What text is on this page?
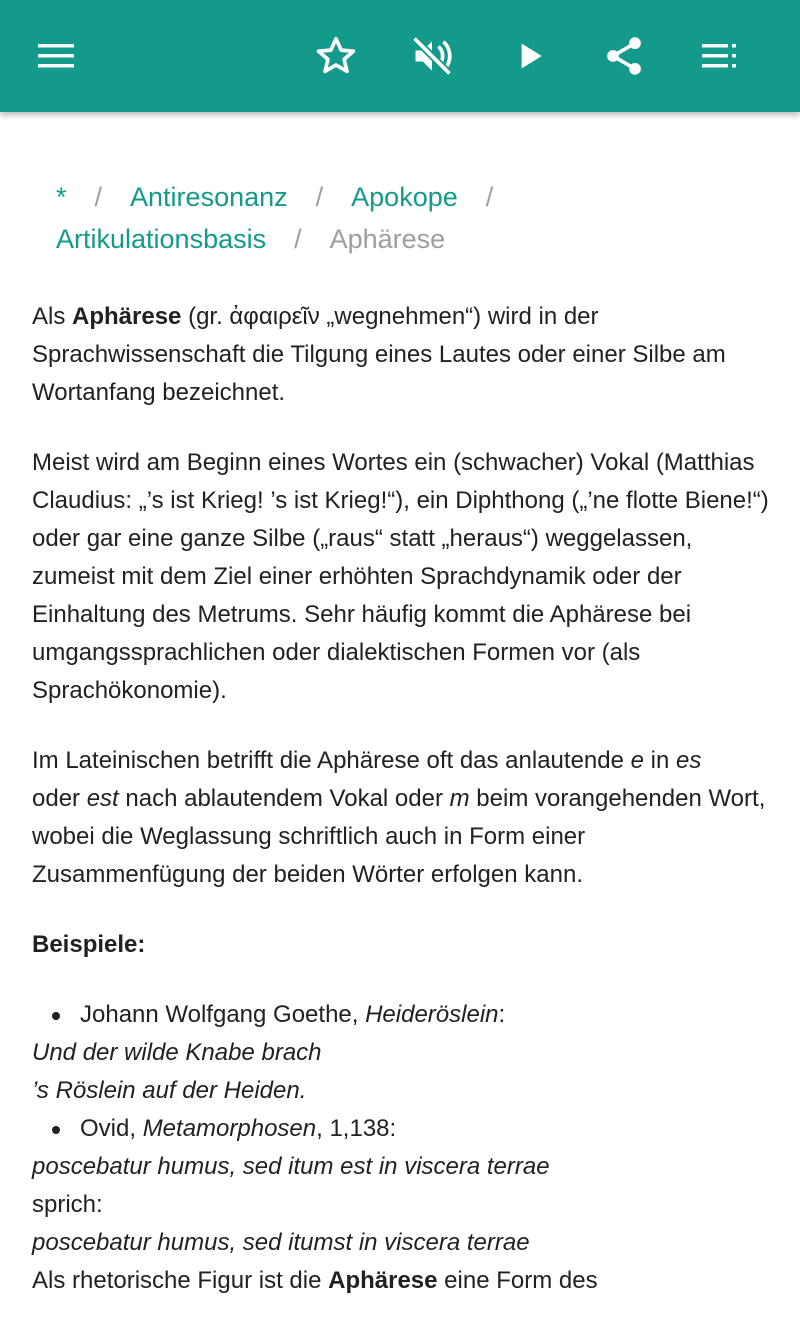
* / Antiresonanz / Apokope /
Artikulationsbasis / Aphärese

Als Aphärese (gr. ἀφαιρεῖν „wegnehmen“) wird in der Sprachwissenschaft die Tilgung eines Lautes oder einer Silbe am Wortanfang bezeichnet.

Meist wird am Beginn eines Wortes ein (schwacher) Vokal (Matthias Claudius: „’s ist Krieg! ’s ist Krieg!“), ein Diphthong („’ne flotte Biene!“) oder gar eine ganze Silbe („raus“ statt „heraus“) weggelassen, zumeist mit dem Ziel einer erhöhten Sprachdynamik oder der Einhaltung des Metrums. Sehr häufig kommt die Aphärese bei umgangssprachlichen oder dialektischen Formen vor (als Sprachökonomie).

Im Lateinischen betrifft die Aphärese oft das anlautende e in es
oder est nach ablautendem Vokal oder m beim vorangehenden Wort, wobei die Weglassung schriftlich auch in Form einer Zusammenfügung der beiden Wörter erfolgen kann.

Beispiele:

Johann Wolfgang Goethe, Heideröslein:
Und der wilde Knabe brach
’s Röslein auf der Heiden.
Ovid, Metamorphosen, 1,138:
poscebatur humus, sed itum est in viscera terrae
sprich:
poscebatur humus, sed itumst in viscera terrae

Als rhetorische Figur ist die Aphärese eine Form des
